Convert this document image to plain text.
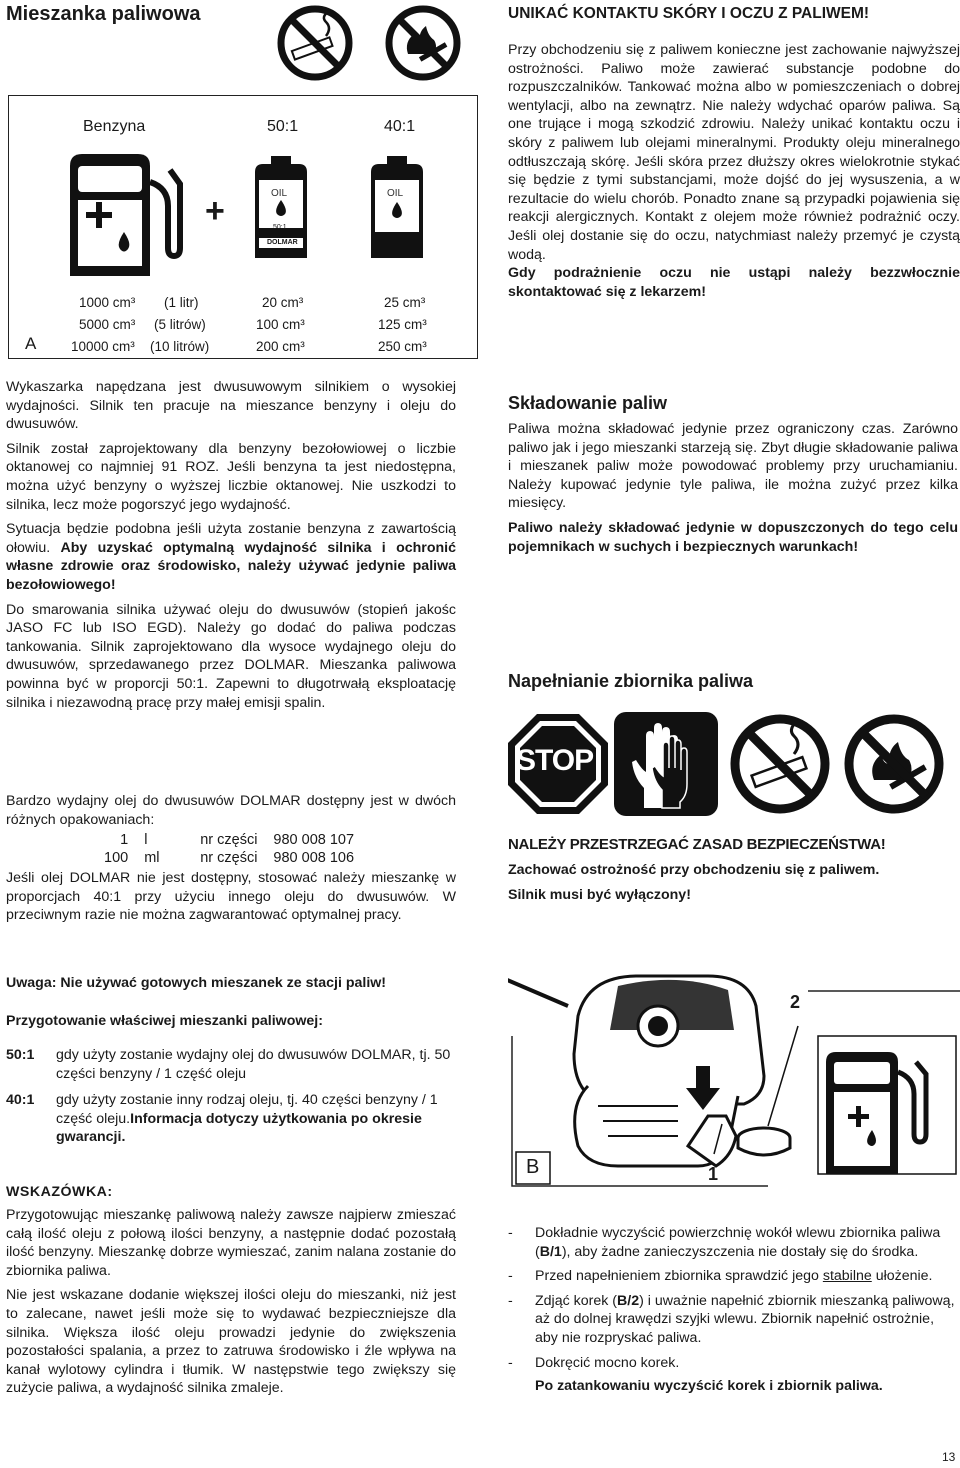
Mieszanka paliwowa
Benzyna	50:1	40:1
+	OIL
50:1
DOLMAR
OIL
1000 cm³ (1 litr)	20 cm³	25 cm³
5000 cm³ (5 litrów)	100 cm³	125 cm³
A	10000 cm³ (10 litrów)	200 cm³	250 cm³
UNIKAĆ KONTAKTU SKÓRY I OCZU Z PALIWEM!

Przy obchodzeniu się z paliwem konieczne jest zachowanie najwyższej ostrożności. Paliwo może zawierać substancje podobne do rozpuszczalników. Tankować można albo w pomieszczeniach o dobrej wentylacji, albo na zewnątrz. Nie należy wdychać oparów paliwa. Są one trujące i mogą szkodzić zdrowiu. Należy unikać kontaktu oczu i skóry z paliwem lub olejami mineralnymi. Produkty oleju mineralnego odtłuszczają skórę. Jeśli skóra przez dłuższy okres wielokrotnie stykać się będzie z tymi substancjami, może dojść do jej wysuszenia, a w rezultacie do wielu chorób. Ponadto znane są przypadki pojawienia się reakcji alergicznych. Kontakt z olejem może również podrażnić oczy. Jeśli olej dostanie się do oczu, natychmiast należy przemyć je czystą wodą.

Gdy podrażnienie oczu nie ustąpi należy bezzwłocznie skontaktować się z lekarzem!

Wykaszarka napędzana jest dwusuwowym silnikiem o wysokiej wydajności. Silnik ten pracuje na mieszance benzyny i oleju do dwusuwów.

Silnik został zaprojektowany dla benzyny bezołowiowej o liczbie oktanowej co najmniej 91 ROZ. Jeśli benzyna ta jest niedostępna, można użyć benzyny o wyższej liczbie oktanowej. Nie uszkodzi to silnika, lecz może pogorszyć jego wydajność.

Sytuacja będzie podobna jeśli użyta zostanie benzyna z zawartością ołowiu. Aby uzyskać optymalną wydajność silnika i ochronić własne zdrowie oraz środowisko, należy używać jedynie paliwa bezołowiowego!

Do smarowania silnika używać oleju do dwusuwów (stopień jakośc JASO FC lub ISO EGD). Należy go dodać do paliwa podczas tankowania. Silnik zaprojektowano dla wysoce wydajnego oleju do dwusuwów, sprzedawanego przez DOLMAR. Mieszanka paliwowa powinna być w proporcji 50:1. Zapewni to długotrwałą eksploatację silnika i niezawodną pracę przy małej emisji spalin.

Bardzo wydajny olej do dwusuwów DOLMAR dostępny jest w dwóch różnych opakowaniach:

1	l	nr części	980 008 107
100	ml	nr części	980 008 106

Jeśli olej DOLMAR nie jest dostępny, stosować należy mieszankę w proporcjach 40:1 przy użyciu innego oleju do dwusuwów. W przeciwnym razie nie można zagwarantować optymalnej pracy.

Uwaga: Nie używać gotowych mieszanek ze stacji paliw!
Przygotowanie właściwej mieszanki paliwowej:
50:1 gdy użyty zostanie wydajny olej do dwusuwów DOLMAR, tj. 50 części benzyny / 1 część oleju
40:1 gdy użyty zostanie inny rodzaj oleju, tj. 40 części benzyny / 1 część oleju.Informacja dotyczy użytkowania po okresie gwarancji.
WSKAZÓWKA:

Przygotowując mieszankę paliwową należy zawsze najpierw zmieszać całą ilość oleju z połową ilości benzyny, a następnie dodać pozostałą ilość benzyny. Mieszankę dobrze wymieszać, zanim nalana zostanie do zbiornika paliwa.

Nie jest wskazane dodanie większej ilości oleju do mieszanki, niż jest to zalecane, nawet jeśli może się to wydawać bezpieczniejsze dla silnika. Większa ilość oleju prowadzi jedynie do zwiększenia pozostałości spalania, a przez to zatruwa środowisko i źle wpływa na kanał wylotowy cylindra i tłumik. W następstwie tego zwiększy się zużycie paliwa, a wydajność silnika zmaleje.

Składowanie paliw

Paliwa można składować jedynie przez ograniczony czas. Zarówno paliwo jak i jego mieszanki starzeją się. Zbyt długie składowanie paliwa i mieszanek paliw może powodować problemy przy uruchamianiu. Należy kupować jedynie tyle paliwa, ile można zużyć przez kilka miesięcy.

Paliwo należy składować jedynie w dopuszczonych do tego celu pojemnikach w suchych i bezpiecznych warunkach!

Napełnianie zbiornika paliwa
STOP
NALEŻY PRZESTRZEGAĆ ZASAD BEZPIECZEŃSTWA!
Zachować ostrożność przy obchodzeniu się z paliwem.
Silnik musi być wyłączony!
B	1
2
- Dokładnie wyczyścić powierzchnię wokół wlewu zbiornika paliwa (B/1), aby żadne zanieczyszczenia nie dostały się do środka.
- Przed napełnieniem zbiornika sprawdzić jego stabilne ułożenie.
- Zdjąć korek (B/2) i uważnie napełnić zbiornik mieszanką paliwową, aż do dolnej krawędzi szyjki wlewu. Zbiornik napełnić ostrożnie, aby nie rozpryskać paliwa.
- Dokręcić mocno korek.
Po zatankowaniu wyczyścić korek i zbiornik paliwa.
13
